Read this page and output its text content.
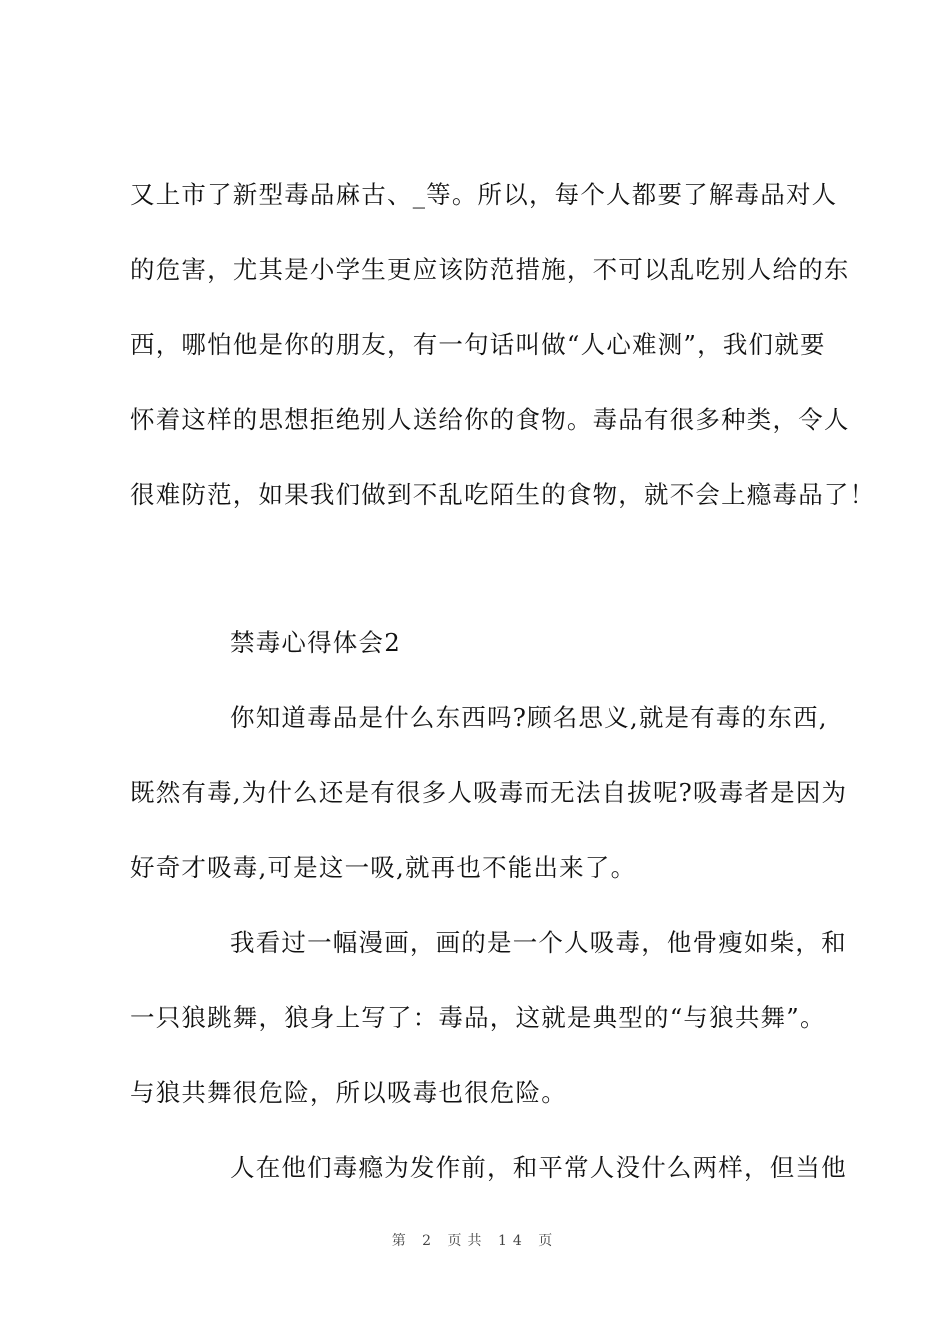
又上市了新型毒品麻古、_等。所以，每个人都要了解毒品对人
的危害，尤其是小学生更应该防范措施，不可以乱吃别人给的东
西，哪怕他是你的朋友，有一句话叫做“人心难测”，我们就要
怀着这样的思想拒绝别人送给你的食物。毒品有很多种类，令人
很难防范，如果我们做到不乱吃陌生的食物，就不会上瘾毒品了！
禁毒心得体会2
你知道毒品是什么东西吗?顾名思义,就是有毒的东西,
既然有毒,为什么还是有很多人吸毒而无法自拔呢?吸毒者是因为
好奇才吸毒,可是这一吸,就再也不能出来了。
我看过一幅漫画，画的是一个人吸毒，他骨瘦如柴，和
一只狼跳舞，狼身上写了：毒品，这就是典型的“与狼共舞”。
与狼共舞很危险，所以吸毒也很危险。
人在他们毒瘾为发作前，和平常人没什么两样，但当他
第 2 页共 14 页
